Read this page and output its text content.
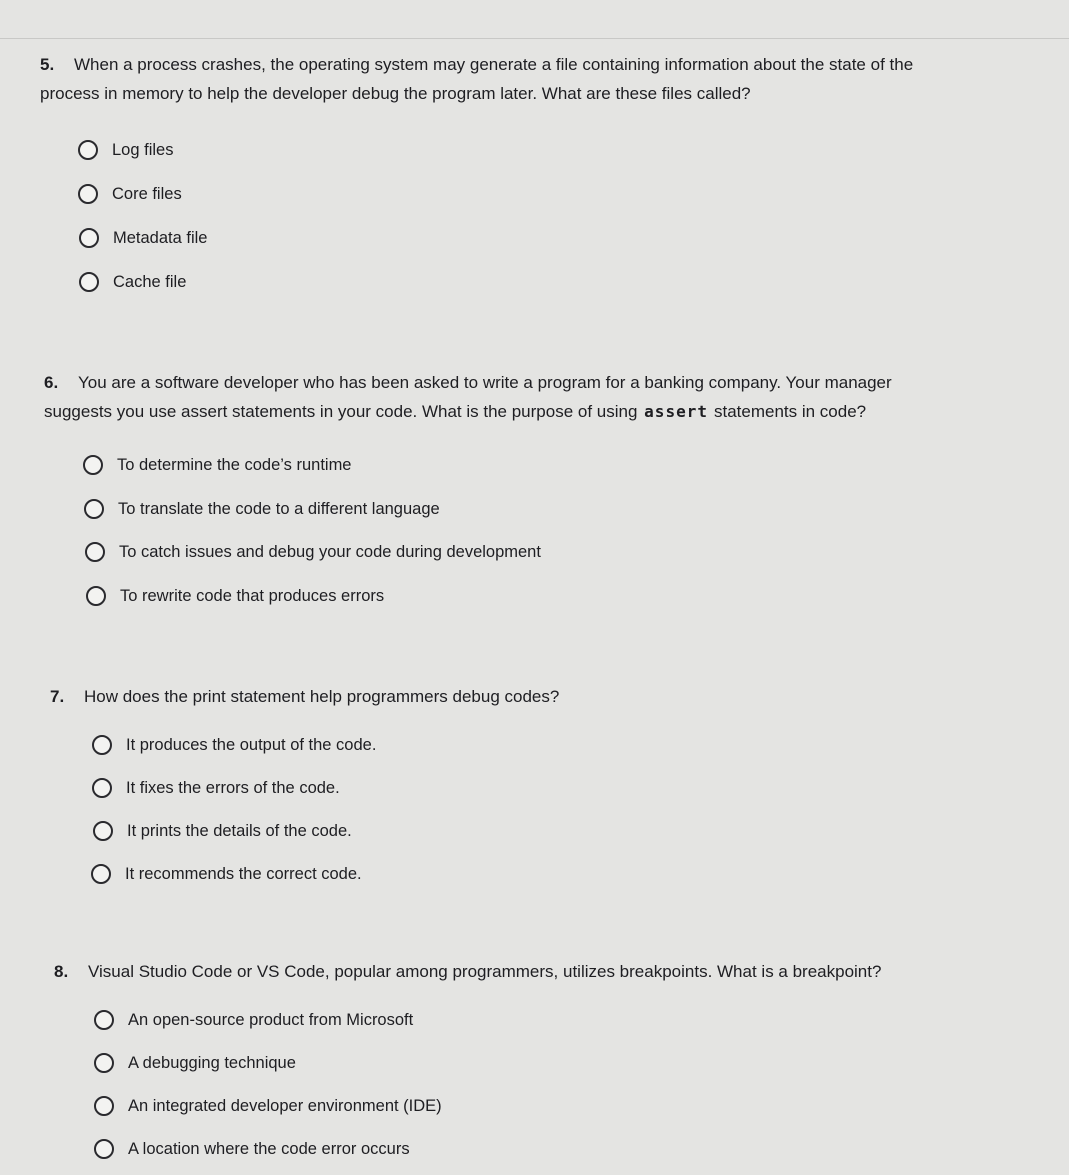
5. When a process crashes, the operating system may generate a file containing information about the state of the process in memory to help the developer debug the program later. What are these files called?
Log files
Core files
Metadata file
Cache file
6. You are a software developer who has been asked to write a program for a banking company. Your manager suggests you use assert statements in your code. What is the purpose of using assert statements in code?
To determine the code’s runtime
To translate the code to a different language
To catch issues and debug your code during development
To rewrite code that produces errors
7. How does the print statement help programmers debug codes?
It produces the output of the code.
It fixes the errors of the code.
It prints the details of the code.
It recommends the correct code.
8. Visual Studio Code or VS Code, popular among programmers, utilizes breakpoints. What is a breakpoint?
An open-source product from Microsoft
A debugging technique
An integrated developer environment (IDE)
A location where the code error occurs
